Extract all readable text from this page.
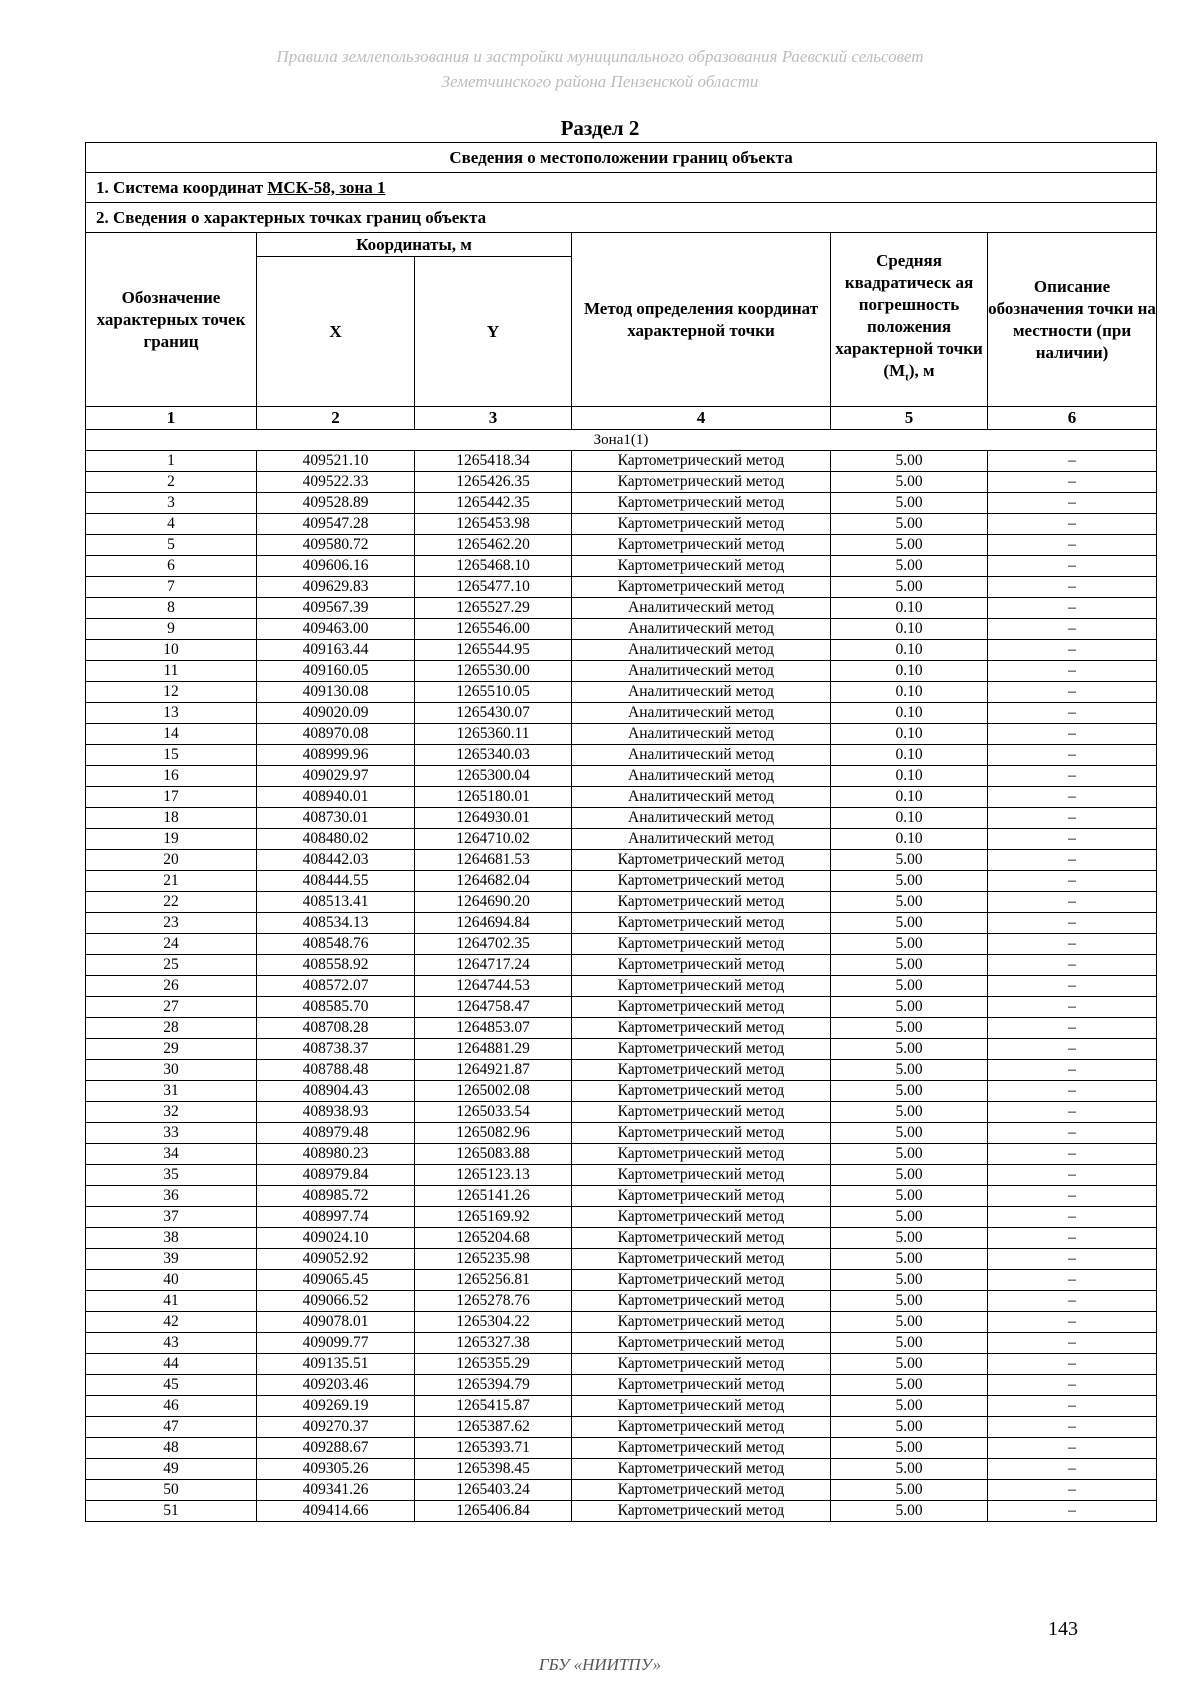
Правила землепользования и застройки муниципального образования Раевский сельсовет
Земетчинского района Пензенской области
Раздел 2
Сведения о местоположении границ объекта					
1. Система координат МСК-58, зона 1					
2. Сведения о характерных точках границ объекта					
Обозначение характерных точек границ	Координаты, м		Метод определения координат характерной точки	Средняя квадратическ ая погрешность положения характерной точки $(M_t)$, м	Описание обозначения точки на местности (при наличии)
	X	Y			
1	2	3	4	5	6
Зона1(1)					
1	409521.10	1265418.34	Картометрический метод	5.00	–
2	409522.33	1265426.35	Картометрический метод	5.00	–
3	409528.89	1265442.35	Картометрический метод	5.00	–
4	409547.28	1265453.98	Картометрический метод	5.00	–
5	409580.72	1265462.20	Картометрический метод	5.00	–
6	409606.16	1265468.10	Картометрический метод	5.00	–
7	409629.83	1265477.10	Картометрический метод	5.00	–
8	409567.39	1265527.29	Аналитический метод	0.10	–
9	409463.00	1265546.00	Аналитический метод	0.10	–
10	409163.44	1265544.95	Аналитический метод	0.10	–
11	409160.05	1265530.00	Аналитический метод	0.10	–
12	409130.08	1265510.05	Аналитический метод	0.10	–
13	409020.09	1265430.07	Аналитический метод	0.10	–
14	408970.08	1265360.11	Аналитический метод	0.10	–
15	408999.96	1265340.03	Аналитический метод	0.10	–
16	409029.97	1265300.04	Аналитический метод	0.10	–
17	408940.01	1265180.01	Аналитический метод	0.10	–
18	408730.01	1264930.01	Аналитический метод	0.10	–
19	408480.02	1264710.02	Аналитический метод	0.10	–
20	408442.03	1264681.53	Картометрический метод	5.00	–
21	408444.55	1264682.04	Картометрический метод	5.00	–
22	408513.41	1264690.20	Картометрический метод	5.00	–
23	408534.13	1264694.84	Картометрический метод	5.00	–
24	408548.76	1264702.35	Картометрический метод	5.00	–
25	408558.92	1264717.24	Картометрический метод	5.00	–
26	408572.07	1264744.53	Картометрический метод	5.00	–
27	408585.70	1264758.47	Картометрический метод	5.00	–
28	408708.28	1264853.07	Картометрический метод	5.00	–
29	408738.37	1264881.29	Картометрический метод	5.00	–
30	408788.48	1264921.87	Картометрический метод	5.00	–
31	408904.43	1265002.08	Картометрический метод	5.00	–
32	408938.93	1265033.54	Картометрический метод	5.00	–
33	408979.48	1265082.96	Картометрический метод	5.00	–
34	408980.23	1265083.88	Картометрический метод	5.00	–
35	408979.84	1265123.13	Картометрический метод	5.00	–
36	408985.72	1265141.26	Картометрический метод	5.00	–
37	408997.74	1265169.92	Картометрический метод	5.00	–
38	409024.10	1265204.68	Картометрический метод	5.00	–
39	409052.92	1265235.98	Картометрический метод	5.00	–
40	409065.45	1265256.81	Картометрический метод	5.00	–
41	409066.52	1265278.76	Картометрический метод	5.00	–
42	409078.01	1265304.22	Картометрический метод	5.00	–
43	409099.77	1265327.38	Картометрический метод	5.00	–
44	409135.51	1265355.29	Картометрический метод	5.00	–
45	409203.46	1265394.79	Картометрический метод	5.00	–
46	409269.19	1265415.87	Картометрический метод	5.00	–
47	409270.37	1265387.62	Картометрический метод	5.00	–
48	409288.67	1265393.71	Картометрический метод	5.00	–
49	409305.26	1265398.45	Картометрический метод	5.00	–
50	409341.26	1265403.24	Картометрический метод	5.00	–
51	409414.66	1265406.84	Картометрический метод	5.00	–
143
ГБУ «НИИТПУ»
